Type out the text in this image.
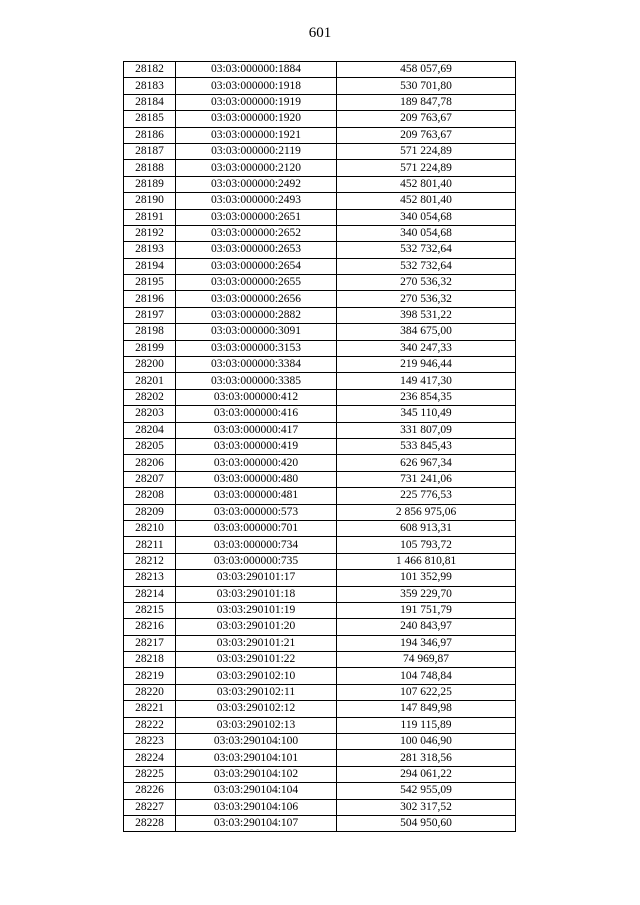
601
28182	03:03:000000:1884	458 057,69
28183	03:03:000000:1918	530 701,80
28184	03:03:000000:1919	189 847,78
28185	03:03:000000:1920	209 763,67
28186	03:03:000000:1921	209 763,67
28187	03:03:000000:2119	571 224,89
28188	03:03:000000:2120	571 224,89
28189	03:03:000000:2492	452 801,40
28190	03:03:000000:2493	452 801,40
28191	03:03:000000:2651	340 054,68
28192	03:03:000000:2652	340 054,68
28193	03:03:000000:2653	532 732,64
28194	03:03:000000:2654	532 732,64
28195	03:03:000000:2655	270 536,32
28196	03:03:000000:2656	270 536,32
28197	03:03:000000:2882	398 531,22
28198	03:03:000000:3091	384 675,00
28199	03:03:000000:3153	340 247,33
28200	03:03:000000:3384	219 946,44
28201	03:03:000000:3385	149 417,30
28202	03:03:000000:412	236 854,35
28203	03:03:000000:416	345 110,49
28204	03:03:000000:417	331 807,09
28205	03:03:000000:419	533 845,43
28206	03:03:000000:420	626 967,34
28207	03:03:000000:480	731 241,06
28208	03:03:000000:481	225 776,53
28209	03:03:000000:573	2 856 975,06
28210	03:03:000000:701	608 913,31
28211	03:03:000000:734	105 793,72
28212	03:03:000000:735	1 466 810,81
28213	03:03:290101:17	101 352,99
28214	03:03:290101:18	359 229,70
28215	03:03:290101:19	191 751,79
28216	03:03:290101:20	240 843,97
28217	03:03:290101:21	194 346,97
28218	03:03:290101:22	74 969,87
28219	03:03:290102:10	104 748,84
28220	03:03:290102:11	107 622,25
28221	03:03:290102:12	147 849,98
28222	03:03:290102:13	119 115,89
28223	03:03:290104:100	100 046,90
28224	03:03:290104:101	281 318,56
28225	03:03:290104:102	294 061,22
28226	03:03:290104:104	542 955,09
28227	03:03:290104:106	302 317,52
28228	03:03:290104:107	504 950,60
